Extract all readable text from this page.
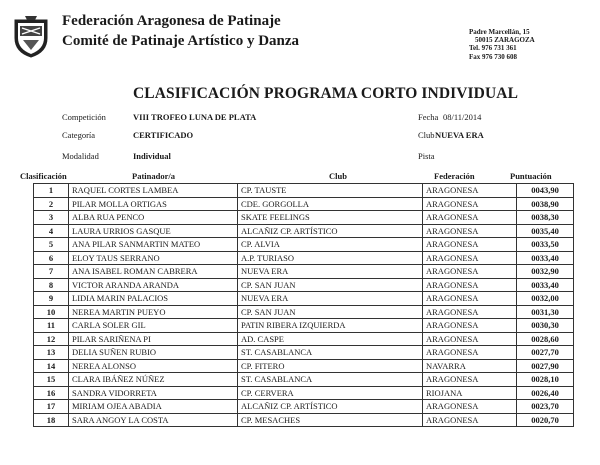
Federación Aragonesa de Patinaje
Comité de Patinaje Artístico y Danza
Padre Marcellán, 15
50015 ZARAGOZA
Tel. 976 731 361
Fax 976 730 608
CLASIFICACIÓN PROGRAMA CORTO INDIVIDUAL
Competición	VIII TROFEO LUNA DE PLATA
Categoría	CERTIFICADO
Modalidad	Individual
Fecha 08/11/2014
Club NUEVA ERA
Pista
Clasificación	Patinador/a	Club	Federación	Puntuación
1	RAQUEL CORTES LAMBEA	CP. TAUSTE	ARAGONESA	0043,90
2	PILAR MOLLA ORTIGAS	CDE. GORGOLLA	ARAGONESA	0038,90
3	ALBA RUA PENCO	SKATE FEELINGS	ARAGONESA	0038,30
4	LAURA URRIOS GASQUE	ALCAÑIZ CP. ARTÍSTICO	ARAGONESA	0035,40
5	ANA PILAR SANMARTIN MATEO	CP. ALVIA	ARAGONESA	0033,50
6	ELOY TAUS SERRANO	A.P. TURIASO	ARAGONESA	0033,40
7	ANA ISABEL ROMAN CABRERA	NUEVA ERA	ARAGONESA	0032,90
8	VICTOR ARANDA ARANDA	CP. SAN JUAN	ARAGONESA	0033,40
9	LIDIA MARIN PALACIOS	NUEVA ERA	ARAGONESA	0032,00
10	NEREA MARTIN PUEYO	CP. SAN JUAN	ARAGONESA	0031,30
11	CARLA SOLER GIL	PATIN RIBERA IZQUIERDA	ARAGONESA	0030,30
12	PILAR SARIÑENA PI	AD. CASPE	ARAGONESA	0028,60
13	DELIA SUÑEN RUBIO	ST. CASABLANCA	ARAGONESA	0027,70
14	NEREA ALONSO	CP. FITERO	NAVARRA	0027,90
15	CLARA IBÁÑEZ NÚÑEZ	ST. CASABLANCA	ARAGONESA	0028,10
16	SANDRA VIDORRETA	CP. CERVERA	RIOJANA	0026,40
17	MIRIAM OJEA ABADIA	ALCAÑIZ CP. ARTÍSTICO	ARAGONESA	0023,70
18	SARA ANGOY LA COSTA	CP. MESACHES	ARAGONESA	0020,70
